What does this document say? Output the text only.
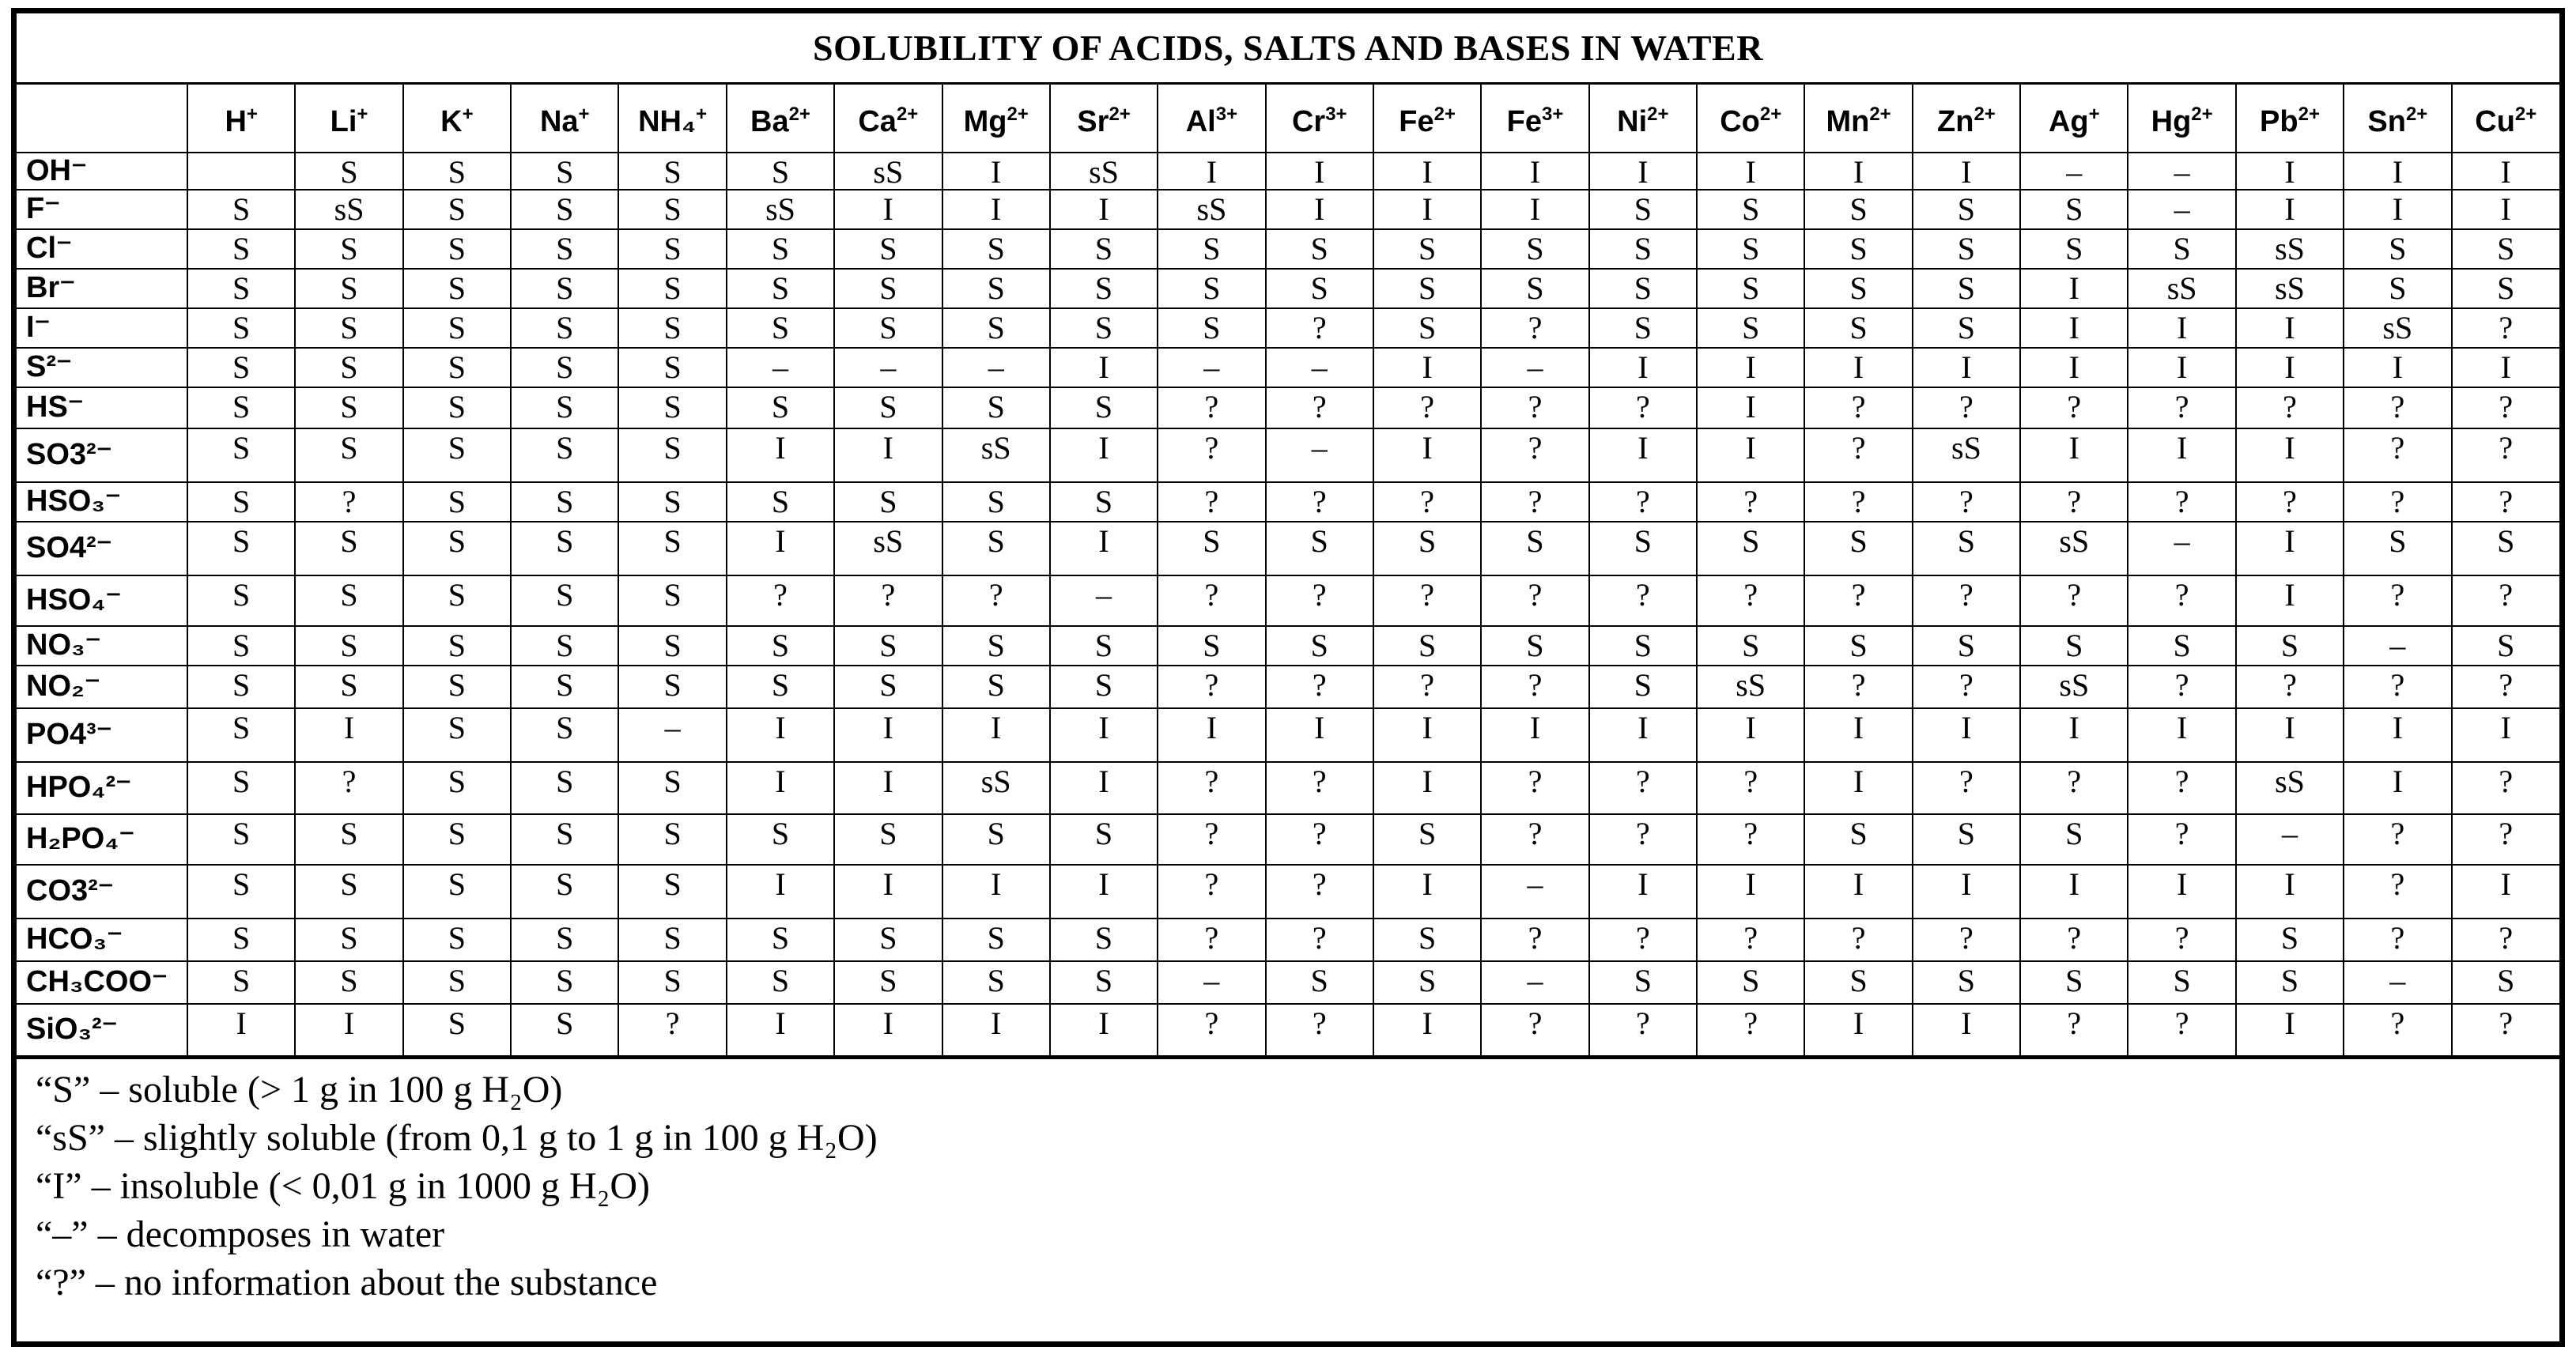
SOLUBILITY OF ACIDS, SALTS AND BASES IN WATER
	H+	Li+	K+	Na+	NH₄+	$Ba^{2+}$	$Ca^{2+}$	$Mg^{2+}$	$Sr^{2+}$	$Al^{3+}$	$Cr^{3+}$	$Fe^{2+}$	$Fe^{3+}$	$Ni^{2+}$	$Co^{2+}$	$Mn^{2+}$	$Zn^{2+}$	Ag+	$Hg^{2+}$	$Pb^{2+}$	$Sn^{2+}$	$Cu^{2+}$
OH⁻		S	S	S	S	S	sS	I	sS	I	I	I	I	I	I	I	I	–	–	I	I	I
F⁻	S	sS	S	S	S	sS	I	I	I	sS	I	I	I	S	S	S	S	S	–	I	I	I
Cl⁻	S	S	S	S	S	S	S	S	S	S	S	S	S	S	S	S	S	S	S	sS	S	S
Br⁻	S	S	S	S	S	S	S	S	S	S	S	S	S	S	S	S	S	I	sS	sS	S	S
I⁻	S	S	S	S	S	S	S	S	S	S	?	S	?	S	S	S	S	I	I	I	sS	?
S²⁻	S	S	S	S	S	–	–	–	I	–	–	I	–	I	I	I	I	I	I	I	I	I
HS⁻	S	S	S	S	S	S	S	S	S	?	?	?	?	?	I	?	?	?	?	?	?	?
SO3²⁻	S	S	S	S	S	I	I	sS	I	?	–	I	?	I	I	?	sS	I	I	I	?	?
HSO₃⁻	S	?	S	S	S	S	S	S	S	?	?	?	?	?	?	?	?	?	?	?	?	?
SO4²⁻	S	S	S	S	S	I	sS	S	I	S	S	S	S	S	S	S	S	sS	–	I	S	S
HSO₄⁻	S	S	S	S	S	?	?	?	–	?	?	?	?	?	?	?	?	?	?	I	?	?
NO₃⁻	S	S	S	S	S	S	S	S	S	S	S	S	S	S	S	S	S	S	S	S	–	S
NO₂⁻	S	S	S	S	S	S	S	S	S	?	?	?	?	S	sS	?	?	sS	?	?	?	?
PO4³⁻	S	I	S	S	–	I	I	I	I	I	I	I	I	I	I	I	I	I	I	I	I	I
HPO₄²⁻	S	?	S	S	S	I	I	sS	I	?	?	I	?	?	?	I	?	?	?	sS	I	?
H₂PO₄⁻	S	S	S	S	S	S	S	S	S	?	?	S	?	?	?	S	S	S	?	–	?	?
CO3²⁻	S	S	S	S	S	I	I	I	I	?	?	I	–	I	I	I	I	I	I	I	?	I
HCO₃⁻	S	S	S	S	S	S	S	S	S	?	?	S	?	?	?	?	?	?	?	S	?	?
CH₃COO⁻	S	S	S	S	S	S	S	S	S	–	S	S	–	S	S	S	S	S	S	S	–	S
SiO₃²⁻	I	I	S	S	?	I	I	I	I	?	?	I	?	?	?	I	I	?	?	I	?	?
“S” – soluble (> 1 g in 100 g H₂O)
“sS” – slightly soluble (from 0,1 g to 1 g in 100 g H₂O)
“I” – insoluble (< 0,01 g in 1000 g H₂O)
“–” – decomposes in water
“?” – no information about the substance
